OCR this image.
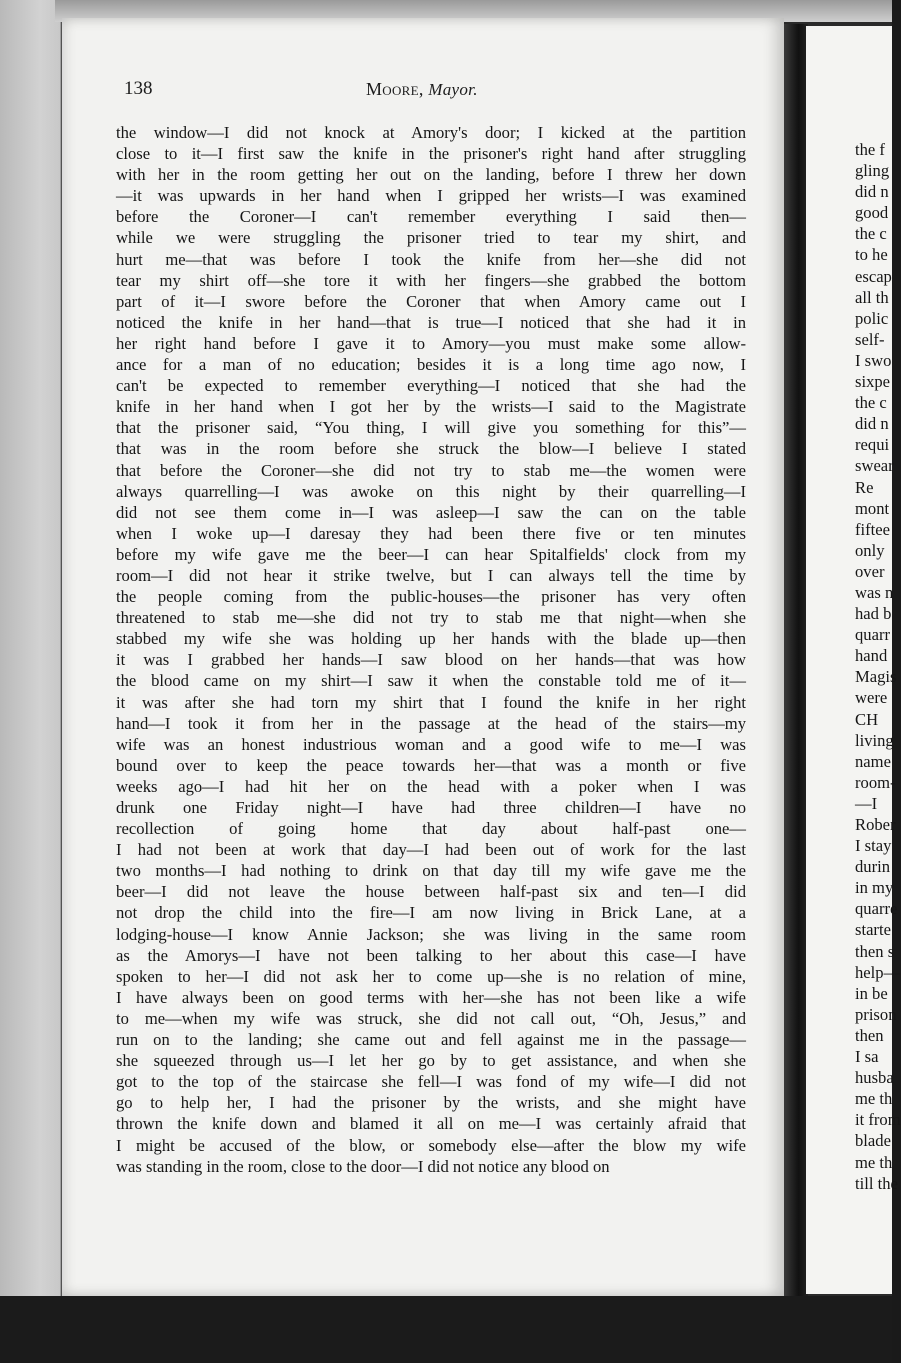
138	Moore, Mayor.
the window—I did not knock at Amory's door; I kicked at the partition
close to it—I first saw the knife in the prisoner's right hand after struggling
with her in the room getting her out on the landing, before I threw her down
—it was upwards in her hand when I gripped her wrists—I was examined
before the Coroner—I can't remember everything I said then—
while we were struggling the prisoner tried to tear my shirt, and
hurt me—that was before I took the knife from her—she did not
tear my shirt off—she tore it with her fingers—she grabbed the bottom
part of it—I swore before the Coroner that when Amory came out I
noticed the knife in her hand—that is true—I noticed that she had it in
her right hand before I gave it to Amory—you must make some allow-
ance for a man of no education; besides it is a long time ago now, I
can't be expected to remember everything—I noticed that she had the
knife in her hand when I got her by the wrists—I said to the Magistrate
that the prisoner said, “You thing, I will give you something for this”—
that was in the room before she struck the blow—I believe I stated
that before the Coroner—she did not try to stab me—the women were
always quarrelling—I was awoke on this night by their quarrelling—I
did not see them come in—I was asleep—I saw the can on the table
when I woke up—I daresay they had been there five or ten minutes
before my wife gave me the beer—I can hear Spitalfields' clock from my
room—I did not hear it strike twelve, but I can always tell the time by
the people coming from the public-houses—the prisoner has very often
threatened to stab me—she did not try to stab me that night—when she
stabbed my wife she was holding up her hands with the blade up—then
it was I grabbed her hands—I saw blood on her hands—that was how
the blood came on my shirt—I saw it when the constable told me of it—
it was after she had torn my shirt that I found the knife in her right
hand—I took it from her in the passage at the head of the stairs—my
wife was an honest industrious woman and a good wife to me—I was
bound over to keep the peace towards her—that was a month or five
weeks ago—I had hit her on the head with a poker when I was
drunk one Friday night—I have had three children—I have no
recollection of going home that day about half-past one—
I had not been at work that day—I had been out of work for the last
two months—I had nothing to drink on that day till my wife gave me the
beer—I did not leave the house between half-past six and ten—I did
not drop the child into the fire—I am now living in Brick Lane, at a
lodging-house—I know Annie Jackson; she was living in the same room
as the Amorys—I have not been talking to her about this case—I have
spoken to her—I did not ask her to come up—she is no relation of mine,
I have always been on good terms with her—she has not been like a wife
to me—when my wife was struck, she did not call out, “Oh, Jesus,” and
run on to the landing; she came out and fell against me in the passage—
she squeezed through us—I let her go by to get assistance, and when she
got to the top of the staircase she fell—I was fond of my wife—I did not
go to help her, I had the prisoner by the wrists, and she might have
thrown the knife down and blamed it all on me—I was certainly afraid that
I might be accused of the blow, or somebody else—after the blow my wife
was standing in the room, close to the door—I did not notice any blood on
the f
gling
did n
good
the c
to he
escap
all th
polic
self-
I swo
sixpe
the c
did n
requi
swear
Re
mont
fiftee
only
over
was n
had b
quarr
hand
Magis
were
CH
living
name
room-
—I
Rober
I stay
durin
in my
quarre
starte
then s
help—
in be
prison
then
I sa
husba
me th
it from
blade
me th
till the
